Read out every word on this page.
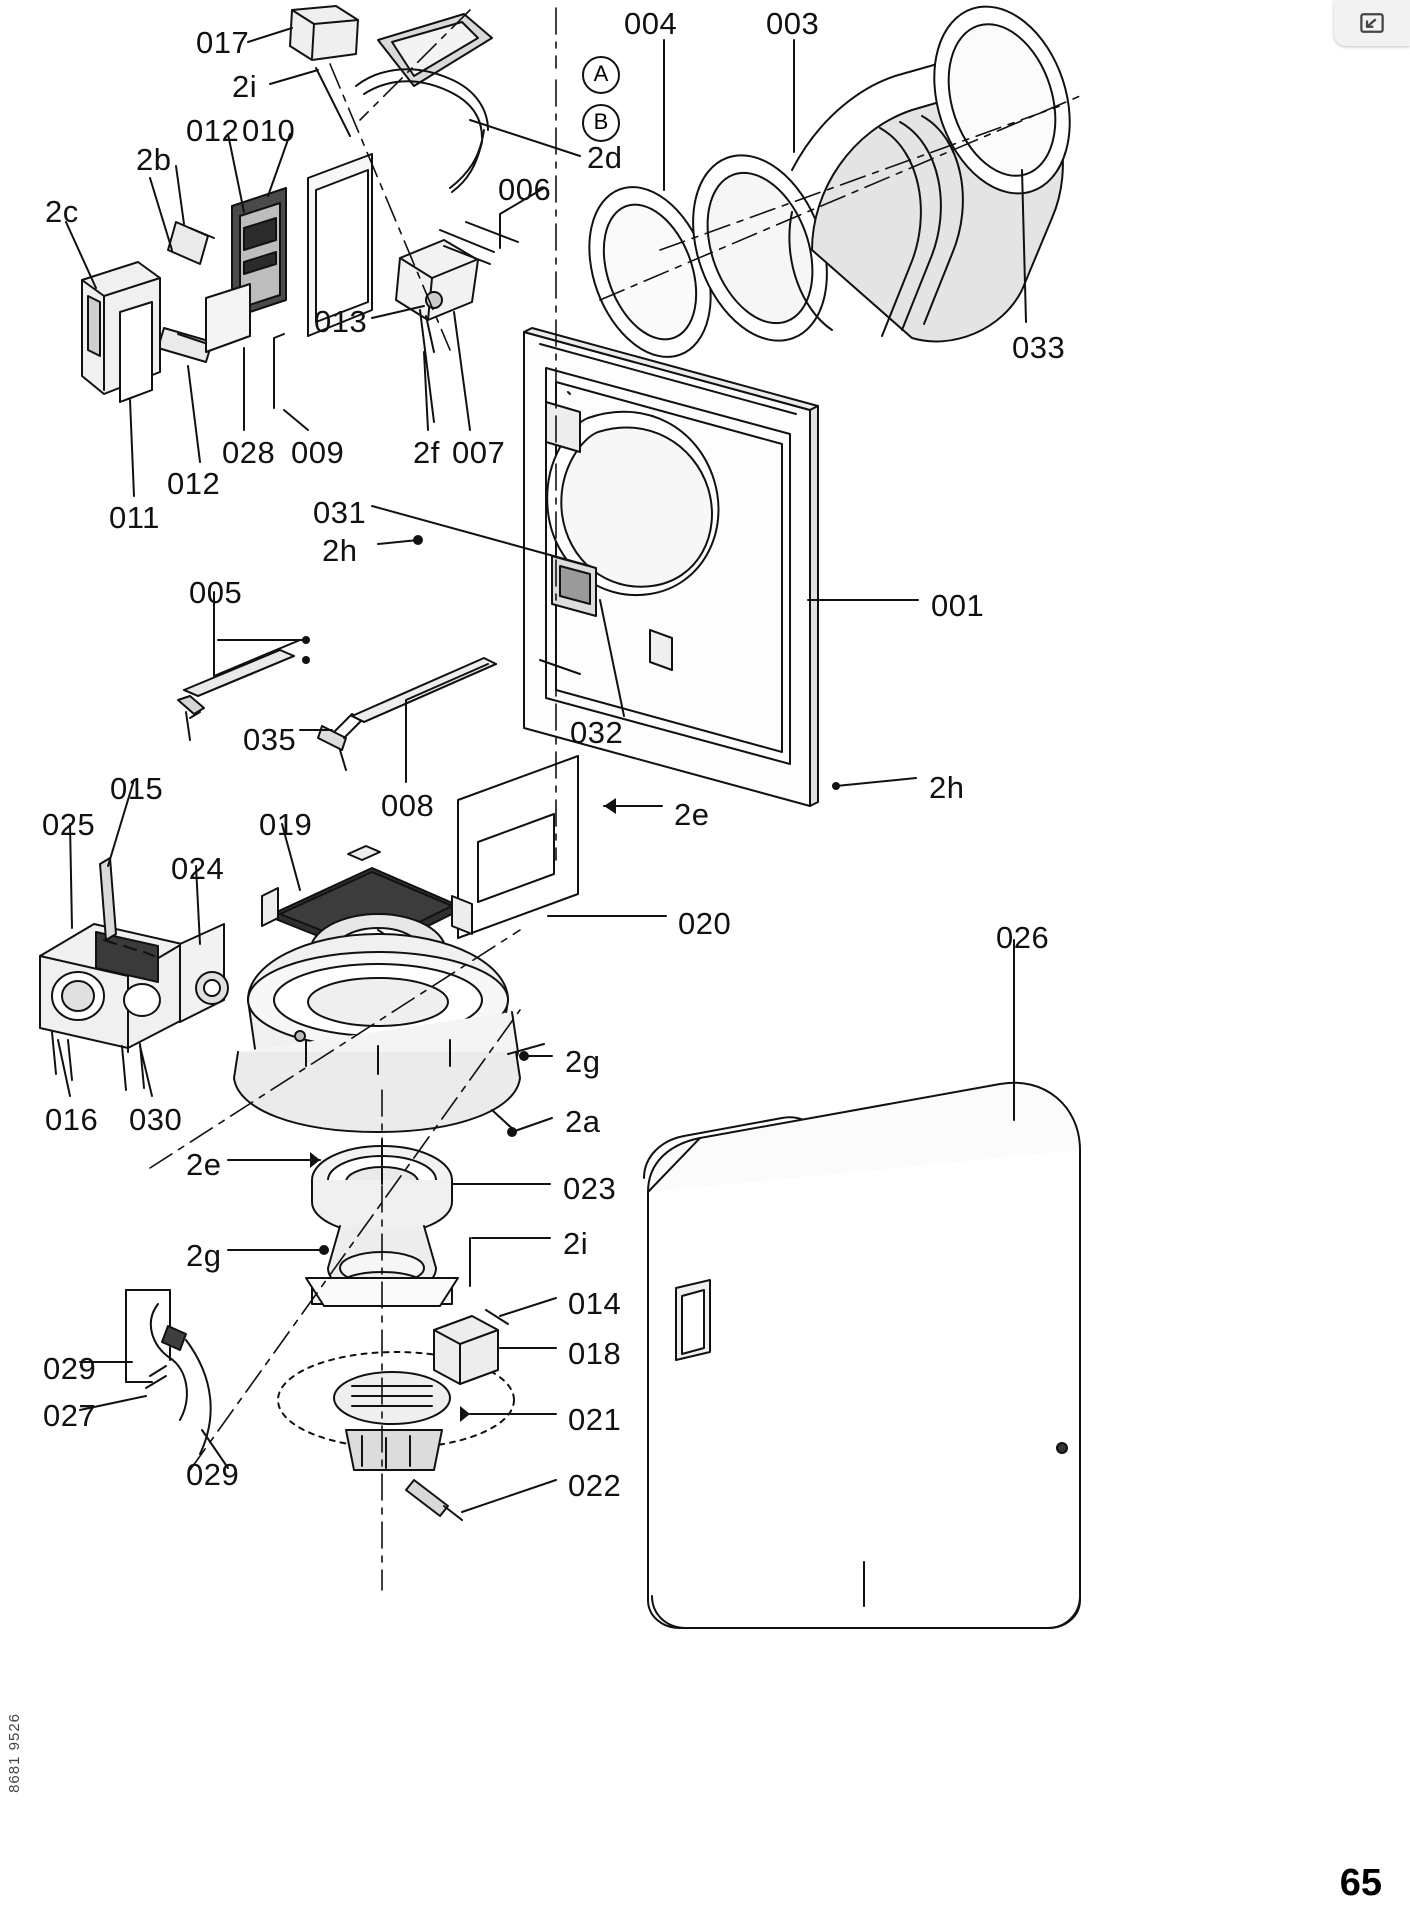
017
2i
012 010
2b
2c
006
2d
004	003
033
013
028 009 2f 007
012
011	031
2h
005
035
008
032
001
2h
2e
020
015
025
024
019
026
016 030
2g
2a
2e
023
2i
2g
014
018
029
027	021
029	022
A
B
8681 9526
65
